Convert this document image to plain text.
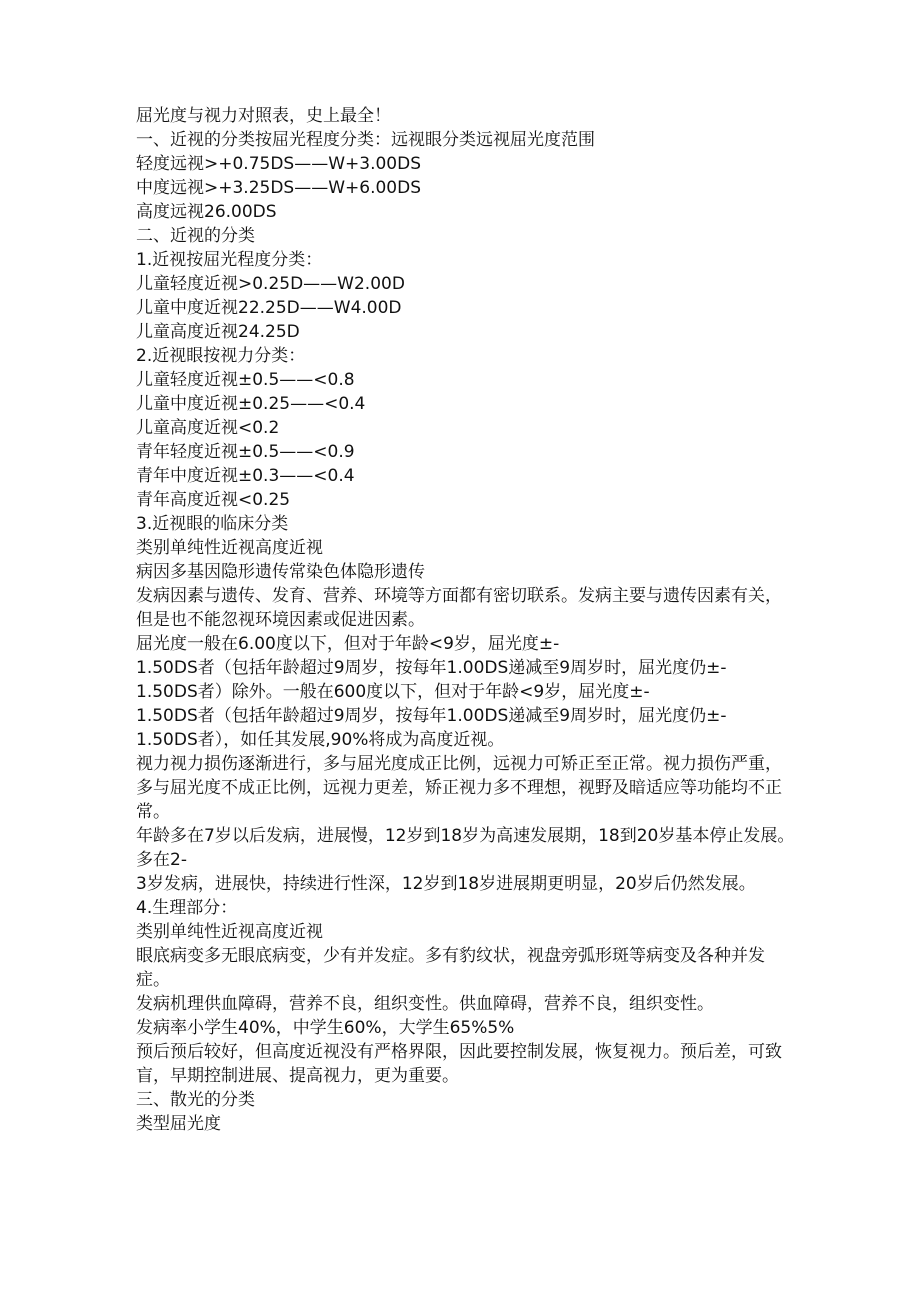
屈光度与视力对照表，史上最全！

一、近视的分类按屈光程度分类：远视眼分类远视屈光度范围

轻度远视>+0.75DS——W+3.00DS

中度远视>+3.25DS——W+6.00DS

高度远视26.00DS

二、近视的分类

1.近视按屈光程度分类：

儿童轻度近视>0.25D——W2.00D

儿童中度近视22.25D——W4.00D

儿童高度近视24.25D

2.近视眼按视力分类：

儿童轻度近视±0.5——<0.8

儿童中度近视±0.25——<0.4

儿童高度近视<0.2

青年轻度近视±0.5——<0.9

青年中度近视±0.3——<0.4

青年高度近视<0.25

3.近视眼的临床分类

类别单纯性近视高度近视

病因多基因隐形遗传常染色体隐形遗传

发病因素与遗传、发育、营养、环境等方面都有密切联系。发病主要与遗传因素有关，但是也不能忽视环境因素或促进因素。

屈光度一般在6.00度以下，但对于年龄<9岁，屈光度±-

1.50DS者（包括年龄超过9周岁，按每年1.00DS递减至9周岁时，屈光度仍±-

1.50DS者）除外。一般在600度以下，但对于年龄<9岁，屈光度±-

1.50DS者（包括年龄超过9周岁，按每年1.00DS递减至9周岁时，屈光度仍±-

1.50DS者），如任其发展,90%将成为高度近视。

视力视力损伤逐渐进行，多与屈光度成正比例，远视力可矫正至正常。视力损伤严重，多与屈光度不成正比例，远视力更差，矫正视力多不理想，视野及暗适应等功能均不正常。

年龄多在7岁以后发病，进展慢，12岁到18岁为高速发展期，18到20岁基本停止发展。多在2-

3岁发病，进展快，持续进行性深，12岁到18岁进展期更明显，20岁后仍然发展。

4.生理部分：

类别单纯性近视高度近视

眼底病变多无眼底病变，少有并发症。多有豹纹状，视盘旁弧形斑等病变及各种并发症。

发病机理供血障碍，营养不良，组织变性。供血障碍，营养不良，组织变性。

发病率小学生40%，中学生60%，大学生65%5%

预后预后较好，但高度近视没有严格界限，因此要控制发展，恢复视力。预后差，可致盲，早期控制进展、提高视力，更为重要。

三、散光的分类

类型屈光度
